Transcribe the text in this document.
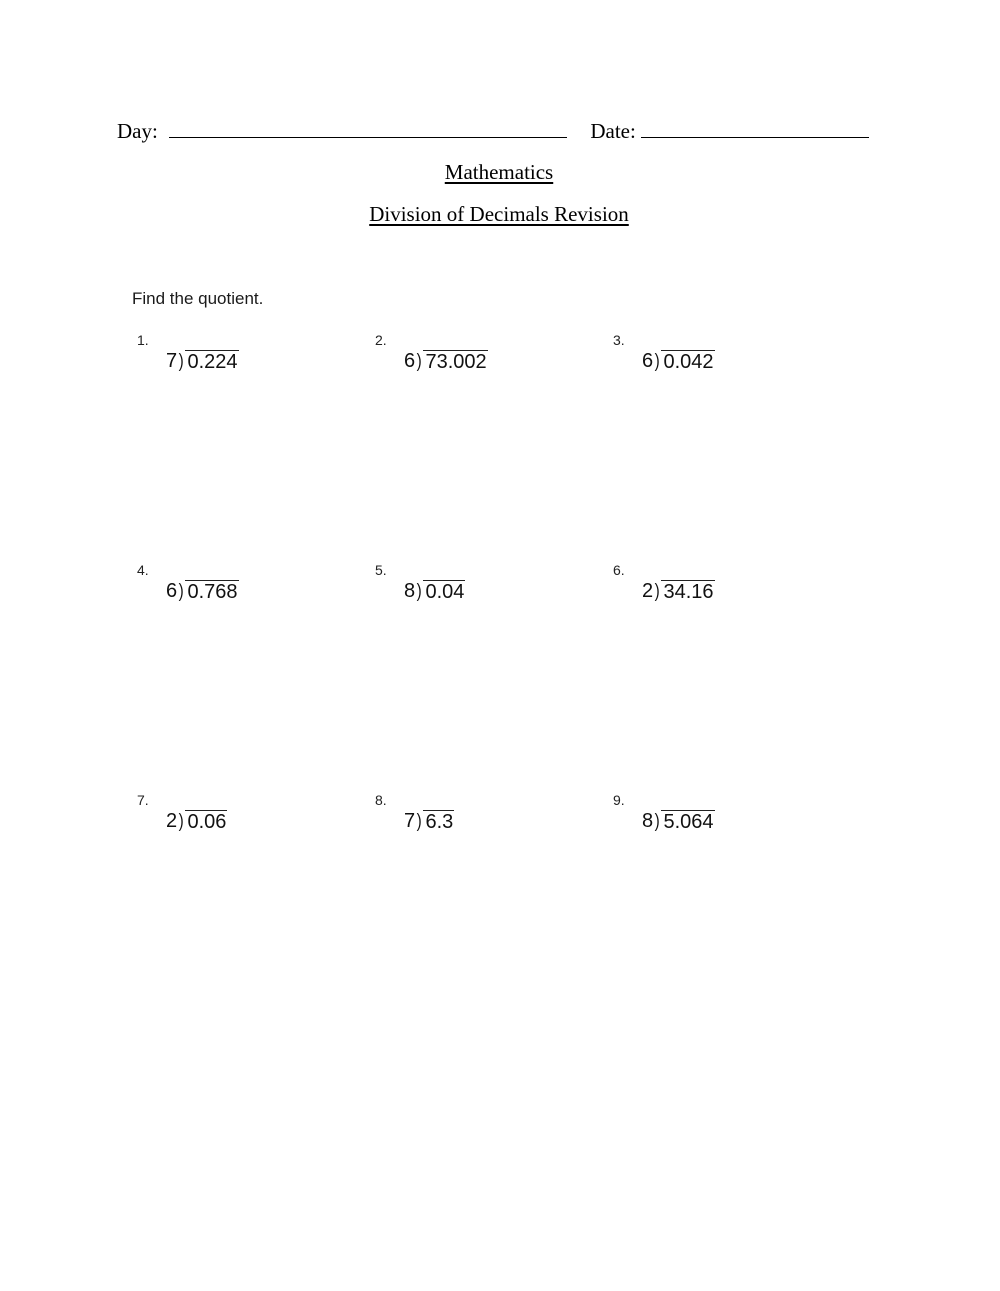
Day:	Date:
Mathematics
Division of Decimals Revision
Find the quotient.
1.
7 ) 0.224
2.
6 ) 73.002
3.
6 ) 0.042
4.
6 ) 0.768
5.
8 ) 0.04
6.
2 ) 34.16
7.
2 ) 0.06
8.
7 ) 6.3
9.
8 ) 5.064
